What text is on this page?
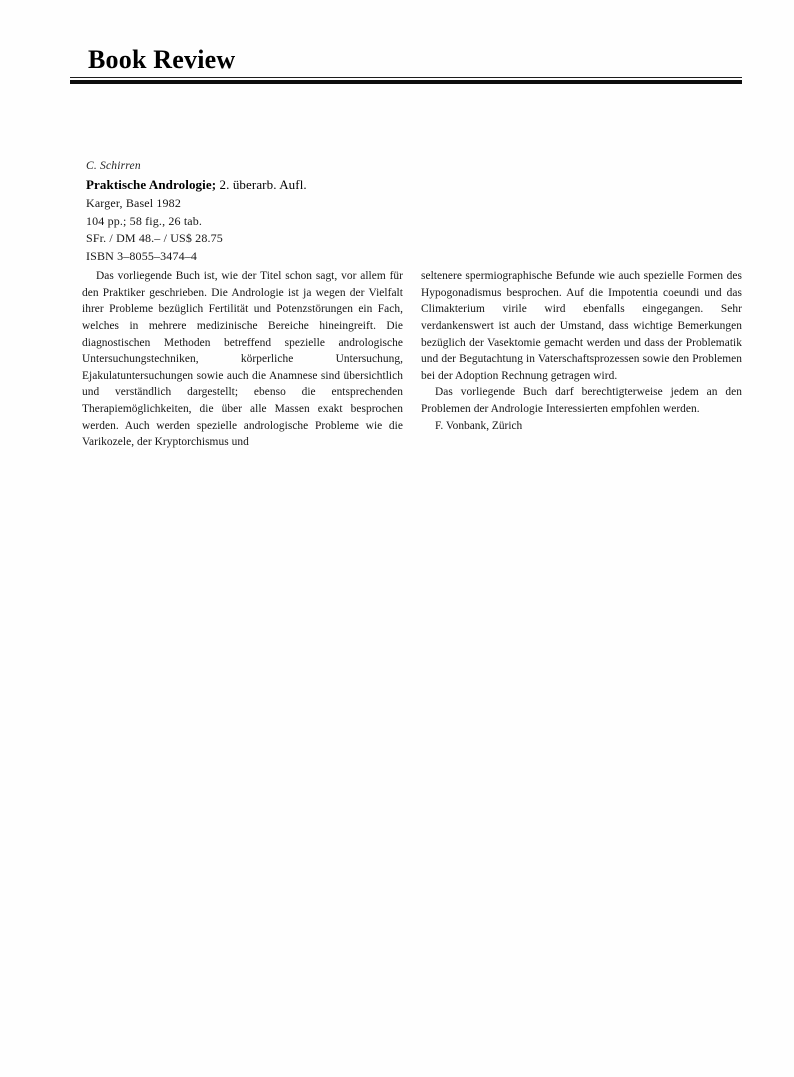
Book Review
C. Schirren
Praktische Andrologie; 2. überarb. Aufl.
Karger, Basel 1982
104 pp.; 58 fig., 26 tab.
SFr. / DM 48.– / US$ 28.75
ISBN 3–8055–3474–4

Das vorliegende Buch ist, wie der Titel schon sagt, vor allem für den Praktiker geschrieben. Die Andrologie ist ja wegen der Vielfalt ihrer Probleme bezüglich Fertilität und Potenzstörungen ein Fach, welches in mehrere medizinische Bereiche hineingreift. Die diagnostischen Methoden betreffend spezielle andrologische Untersuchungstechniken, körperliche Untersuchung, Ejakulatuntersuchungen sowie auch die Anamnese sind übersichtlich und verständlich dargestellt; ebenso die entsprechenden Therapiemöglichkeiten, die über alle Massen exakt besprochen werden. Auch werden spezielle andrologische Probleme wie die Varikozele, der Kryptorchismus und

seltenere spermiographische Befunde wie auch spezielle Formen des Hypogonadismus besprochen. Auf die Impotentia coeundi und das Climakterium virile wird ebenfalls eingegangen. Sehr verdankenswert ist auch der Umstand, dass wichtige Bemerkungen bezüglich der Vasektomie gemacht werden und dass der Problematik und der Begutachtung in Vaterschaftsprozessen sowie den Problemen bei der Adoption Rechnung getragen wird.

Das vorliegende Buch darf berechtigterweise jedem an den Problemen der Andrologie Interessierten empfohlen werden.

F. Vonbank, Zürich
